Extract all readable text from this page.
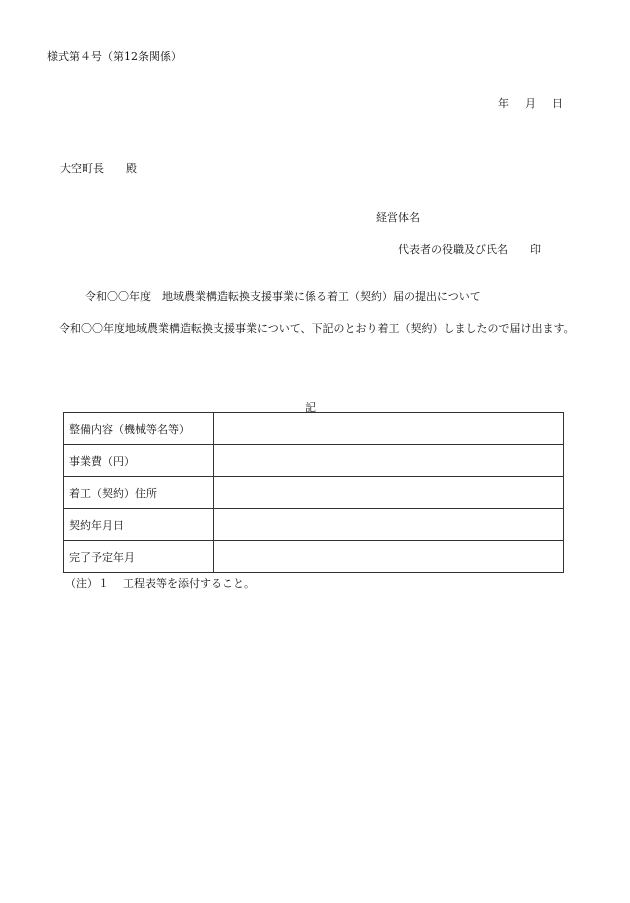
様式第４号（第12条関係）
年 月 日
大空町長 殿
経営体名
代表者の役職及び氏名 印
令和〇〇年度　地域農業構造転換支援事業に係る着工（契約）届の提出について
令和〇〇年度地域農業構造転換支援事業について、下記のとおり着工（契約）しましたので届け出ます。
記
整備内容（機械等名等）	
事業費（円）	
着工（契約）住所	
契約年月日	
完了予定年月	
（注）１ 工程表等を添付すること。
